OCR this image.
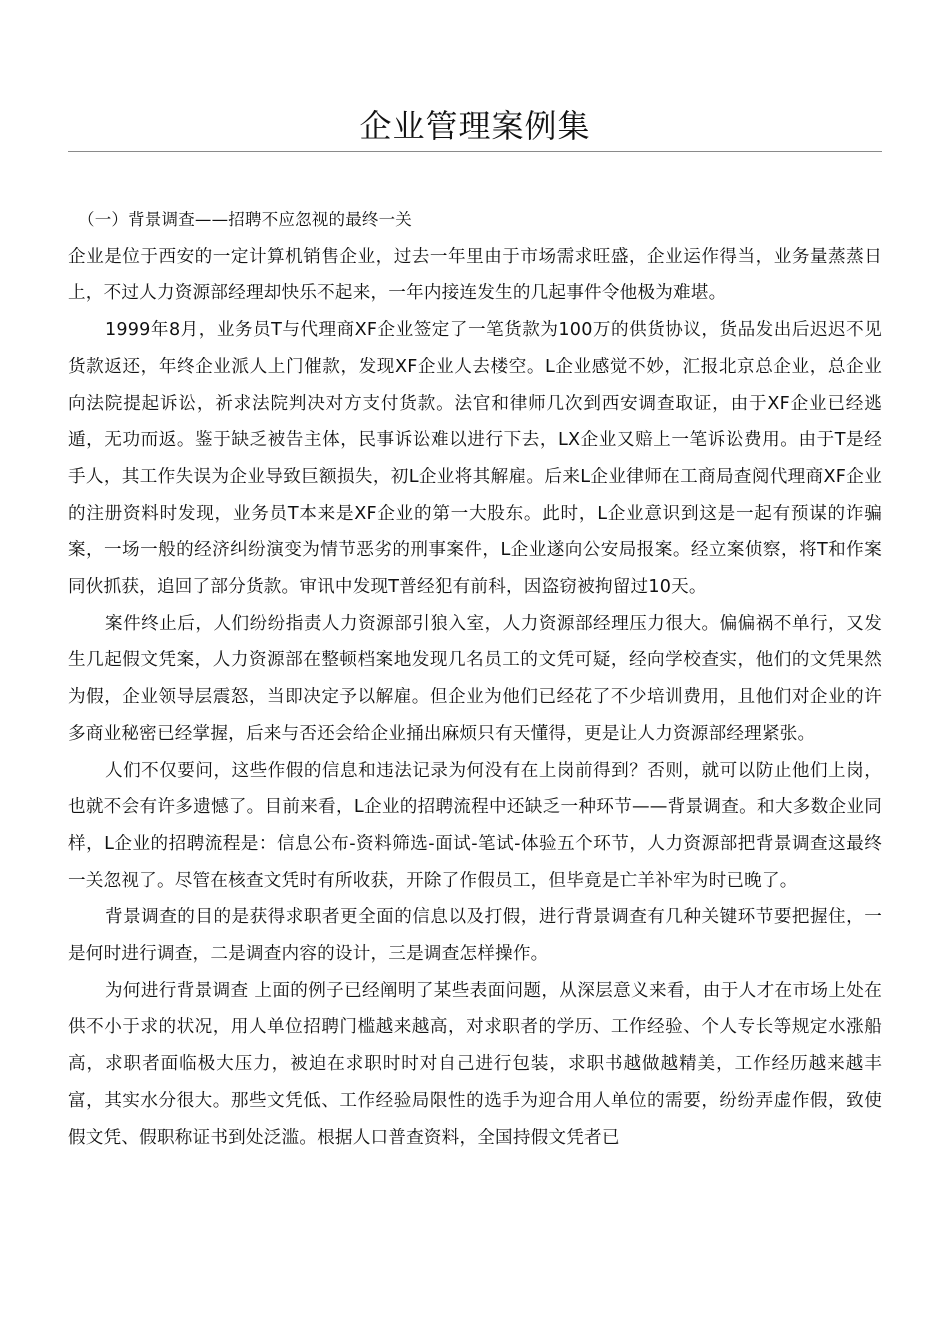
企业管理案例集

（一）背景调查——招聘不应忽视的最终一关

企业是位于西安的一定计算机销售企业，过去一年里由于市场需求旺盛，企业运作得当，业务量蒸蒸日上，不过人力资源部经理却快乐不起来，一年内接连发生的几起事件令他极为难堪。

1999年8月，业务员T与代理商XF企业签定了一笔货款为100万的供货协议，货品发出后迟迟不见货款返还，年终企业派人上门催款，发现XF企业人去楼空。L企业感觉不妙，汇报北京总企业，总企业向法院提起诉讼，祈求法院判决对方支付货款。法官和律师几次到西安调查取证，由于XF企业已经逃遁，无功而返。鉴于缺乏被告主体，民事诉讼难以进行下去，LX企业又赔上一笔诉讼费用。由于T是经手人，其工作失误为企业导致巨额损失，初L企业将其解雇。后来L企业律师在工商局查阅代理商XF企业的注册资料时发现，业务员T本来是XF企业的第一大股东。此时，L企业意识到这是一起有预谋的诈骗案，一场一般的经济纠纷演变为情节恶劣的刑事案件，L企业遂向公安局报案。经立案侦察，将T和作案同伙抓获，追回了部分货款。审讯中发现T普经犯有前科，因盗窃被拘留过10天。

案件终止后，人们纷纷指责人力资源部引狼入室，人力资源部经理压力很大。偏偏祸不单行，又发生几起假文凭案，人力资源部在整顿档案地发现几名员工的文凭可疑，经向学校查实，他们的文凭果然为假，企业领导层震怒，当即决定予以解雇。但企业为他们已经花了不少培训费用，且他们对企业的许多商业秘密已经掌握，后来与否还会给企业捅出麻烦只有天懂得，更是让人力资源部经理紧张。

人们不仅要问，这些作假的信息和违法记录为何没有在上岗前得到？否则，就可以防止他们上岗，也就不会有许多遗憾了。目前来看，L企业的招聘流程中还缺乏一种环节——背景调查。和大多数企业同样，L企业的招聘流程是：信息公布-资料筛选-面试-笔试-体验五个环节，人力资源部把背景调查这最终一关忽视了。尽管在核查文凭时有所收获，开除了作假员工，但毕竟是亡羊补牢为时已晚了。

背景调查的目的是获得求职者更全面的信息以及打假，进行背景调查有几种关键环节要把握住，一是何时进行调查，二是调查内容的设计，三是调查怎样操作。

为何进行背景调查 上面的例子已经阐明了某些表面问题，从深层意义来看，由于人才在市场上处在供不小于求的状况，用人单位招聘门槛越来越高，对求职者的学历、工作经验、个人专长等规定水涨船高，求职者面临极大压力，被迫在求职时时对自己进行包装，求职书越做越精美，工作经历越来越丰富，其实水分很大。那些文凭低、工作经验局限性的选手为迎合用人单位的需要，纷纷弄虚作假，致使假文凭、假职称证书到处泛滥。根据人口普查资料，全国持假文凭者已
